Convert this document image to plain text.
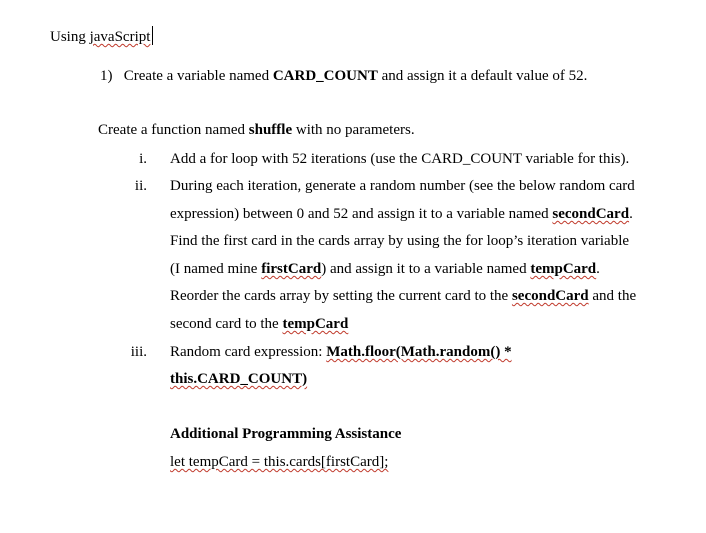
Using javaScript
1) Create a variable named CARD_COUNT and assign it a default value of 52.
Create a function named shuffle with no parameters.
i. Add a for loop with 52 iterations (use the CARD_COUNT variable for this).
ii. During each iteration, generate a random number (see the below random card
expression) between 0 and 52 and assign it to a variable named secondCard.
Find the first card in the cards array by using the for loop’s iteration variable
(I named mine firstCard) and assign it to a variable named tempCard.
Reorder the cards array by setting the current card to the secondCard and the
second card to the tempCard
iii. Random card expression: Math.floor(Math.random() *
this.CARD_COUNT)
Additional Programming Assistance
let tempCard = this.cards[firstCard];
